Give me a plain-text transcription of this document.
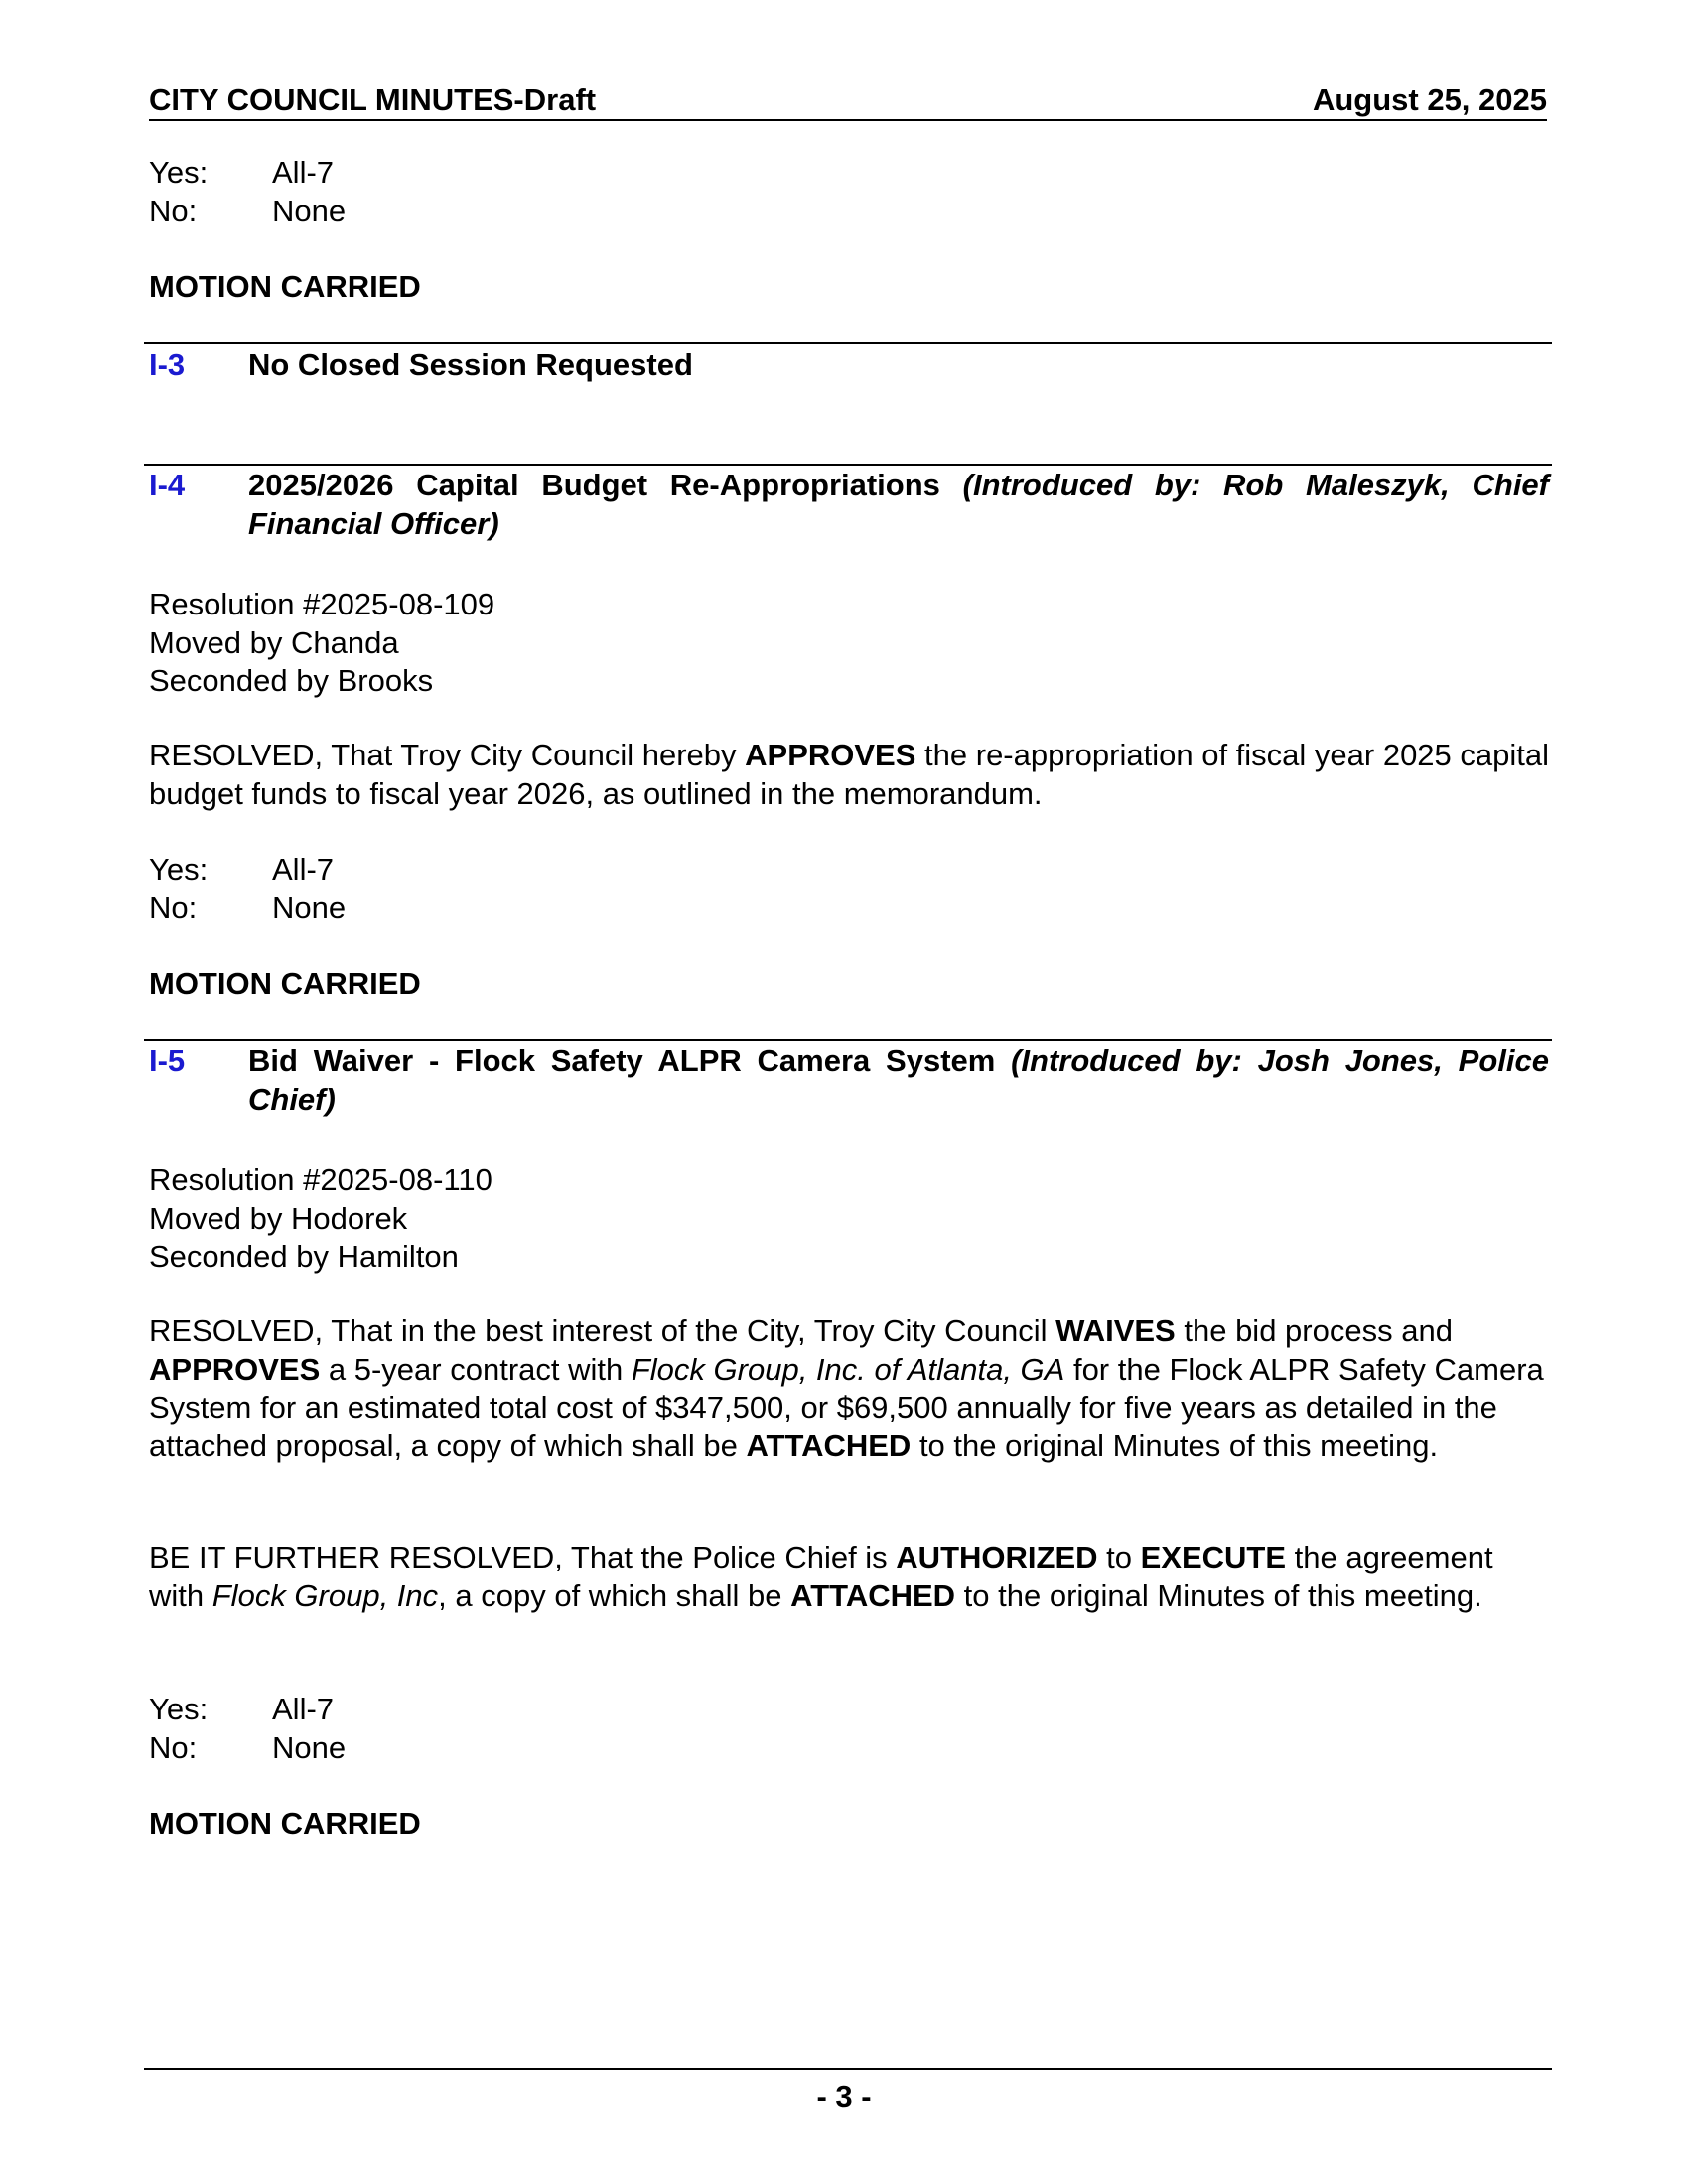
CITY COUNCIL MINUTES-Draft	August 25, 2025
Yes:	All-7
No:	None
MOTION CARRIED
I-3	No Closed Session Requested
I-4	2025/2026 Capital Budget Re-Appropriations (Introduced by: Rob Maleszyk, Chief Financial Officer)
Resolution #2025-08-109
Moved by Chanda
Seconded by Brooks

RESOLVED, That Troy City Council hereby APPROVES the re-appropriation of fiscal year 2025 capital budget funds to fiscal year 2026, as outlined in the memorandum.

Yes:	All-7
No:	None
MOTION CARRIED
I-5	Bid Waiver - Flock Safety ALPR Camera System (Introduced by: Josh Jones, Police Chief)
Resolution #2025-08-110
Moved by Hodorek
Seconded by Hamilton

RESOLVED, That in the best interest of the City, Troy City Council WAIVES the bid process and APPROVES a 5-year contract with Flock Group, Inc. of Atlanta, GA for the Flock ALPR Safety Camera System for an estimated total cost of $347,500, or $69,500 annually for five years as detailed in the attached proposal, a copy of which shall be ATTACHED to the original Minutes of this meeting.

BE IT FURTHER RESOLVED, That the Police Chief is AUTHORIZED to EXECUTE the agreement with Flock Group, Inc, a copy of which shall be ATTACHED to the original Minutes of this meeting.

Yes:	All-7
No:	None
MOTION CARRIED
- 3 -
